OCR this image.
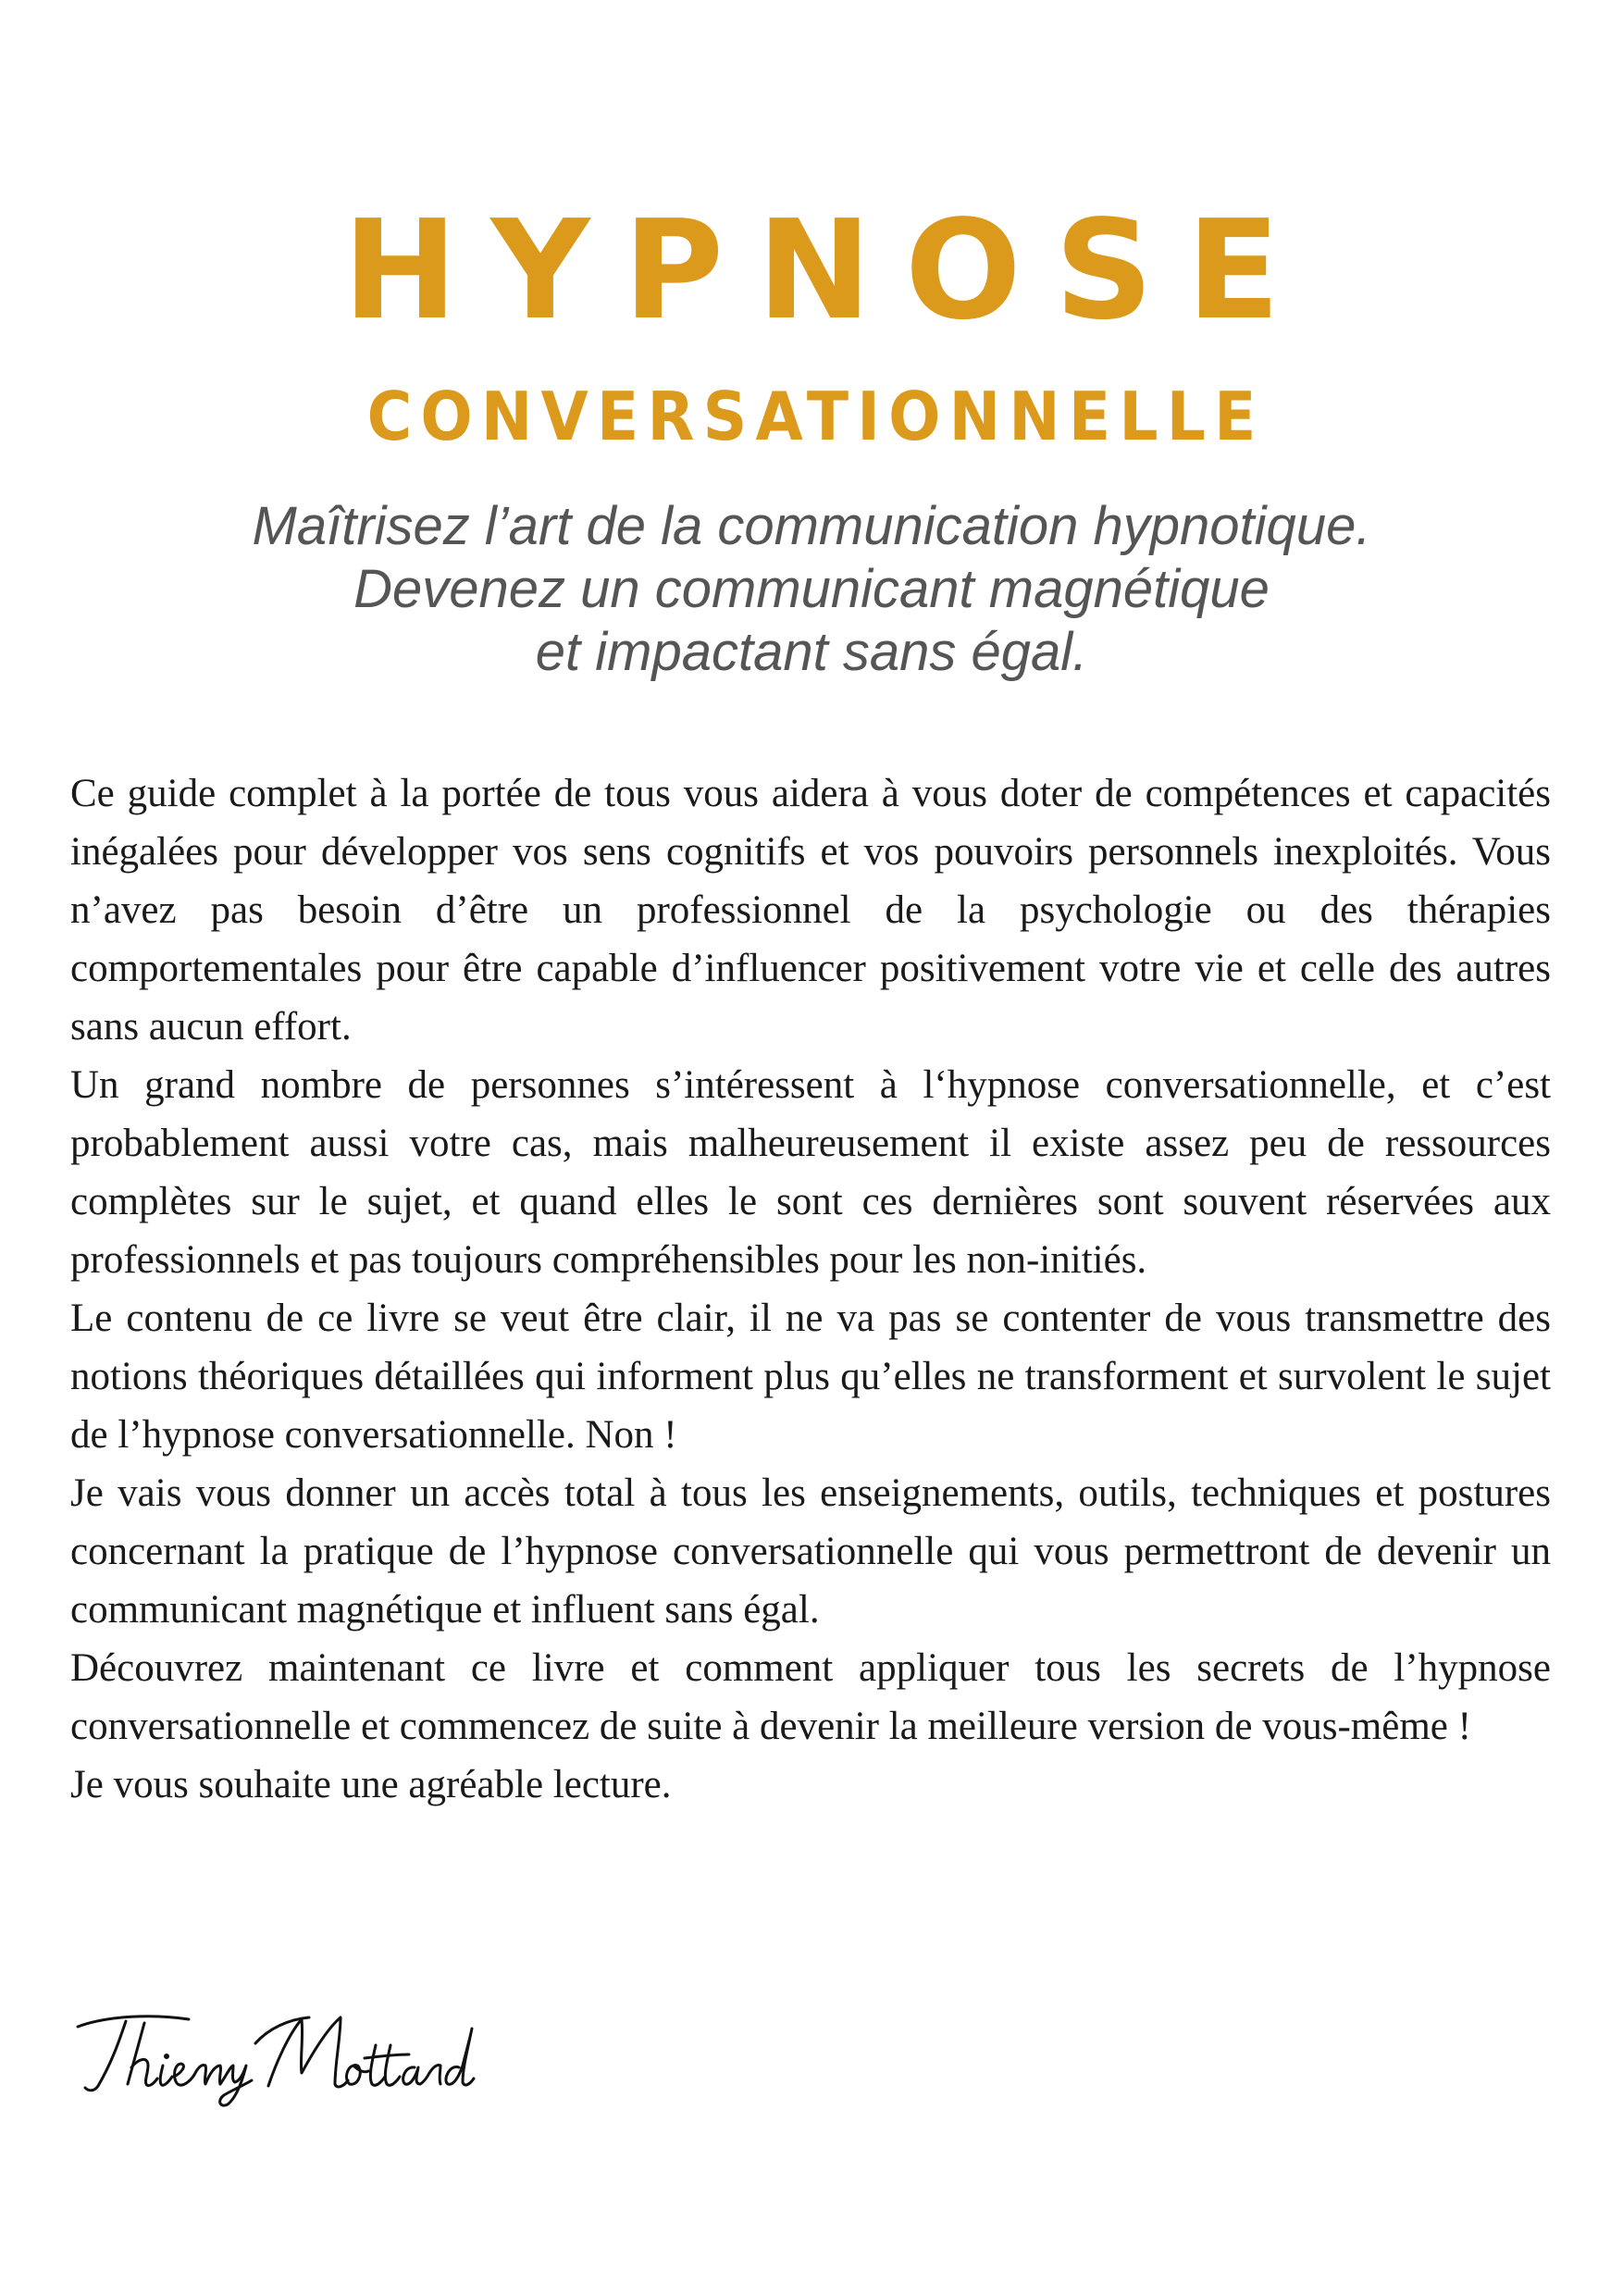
HYPNOSE
CONVERSATIONNELLE
Maîtrisez l’art de la communication hypnotique.
Devenez un communicant magnétique
et impactant sans égal.

Ce guide complet à la portée de tous vous aidera à vous doter de compétences et capacités inégalées pour développer vos sens cognitifs et vos pouvoirs personnels inexploités. Vous n’avez pas besoin d’être un professionnel de la psychologie ou des thérapies comportementales pour être capable d’influencer positivement votre vie et celle des autres sans aucun effort.

Un grand nombre de personnes s’intéressent à l‘hypnose conversationnelle, et c’est probablement aussi votre cas, mais malheureusement il existe assez peu de ressources complètes sur le sujet, et quand elles le sont ces dernières sont souvent réservées aux professionnels et pas toujours compréhensibles pour les non-initiés.

Le contenu de ce livre se veut être clair, il ne va pas se contenter de vous transmettre des notions théoriques détaillées qui informent plus qu’elles ne transforment et survolent le sujet de l’hypnose conversationnelle. Non !

Je vais vous donner un accès total à tous les enseignements, outils, techniques et postures concernant la pratique de l’hypnose conversationnelle qui vous permettront de devenir un communicant magnétique et influent sans égal.

Découvrez maintenant ce livre et comment appliquer tous les secrets de l’hypnose conversationnelle et commencez de suite à devenir la meilleure version de vous-même !

Je vous souhaite une agréable lecture.
